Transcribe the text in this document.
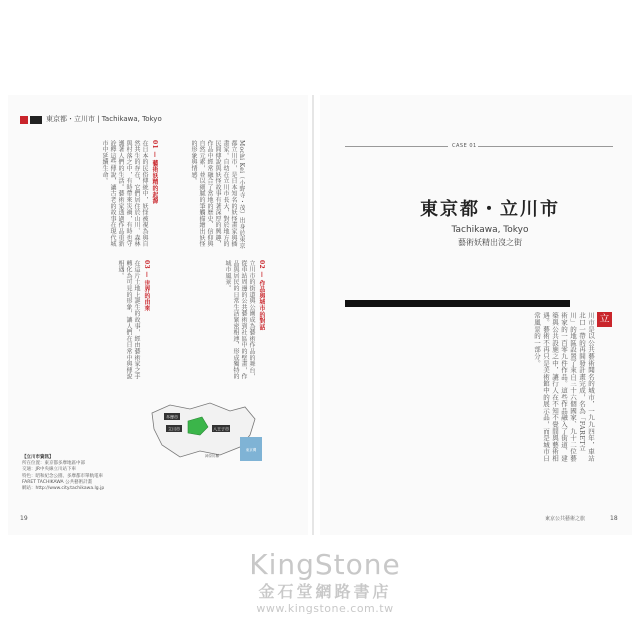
東京都・立川市 | Tachikawa, Tokyo
Mochi Kei（小野寺・茂）出身於東京都立川市，是日本知名的妖怪畫家與插畫家。自幼在立川市長大，對於地方的民間傳說與妖怪故事有著深厚的興趣，作品中經常融合了當地的歷史、信仰與自然元素，並以細膩的筆觸描繪出妖怪的形象與情感。
01 — 藝術妖精的起源
在日本的民俗傳統中，妖怪被視為與自然共生的存在，它們居住於山川、森林與村落之中，有時帶來災禍，有時也守護著人們的生活。藝術家透過作品重新詮釋這些傳說，讓古老的故事在現代城市中延續生命。
02 — 作品與城市的對話
立川市的街道與公園成為藝術作品的舞台，從車站周邊的公共藝術到社區中的壁畫，作品與居民的日常生活緊密相連，形成獨特的城市風景。
03 — 世界的由來
在這片土地上誕生的故事，經由藝術家之手轉化為可見的形象，讓人們在日常中與傳說相遇。
多摩市
立川市	八王子市
東京灣
神奈川縣
【立川市資訊】
所在位置：東京都多摩地區中部
交通：JR中央線立川站下車
特色：昭和紀念公園、多摩都市單軌電車
FARET TACHIKAWA 公共藝術計畫
網站：http://www.city.tachikawa.lg.jp
19
CASE 01
東京都・立川市
Tachikawa, Tokyo
藝術妖精出沒之街
立
川市是以公共藝術聞名的城市，一九九四年，車站北口一帶的再開發計畫完成，名為「FARET立川」的地區設置了來自三十六個國家、九十二位藝術家的一百零九件作品。這些作品融入了街道、建築與公共設施之中，讓行人在不知不覺間與藝術相遇。藝術不再只是美術館中的展示品，而是城市日常風景的一部分。
東京公共藝術之旅	18
KingStone
金石堂網路書店
www.kingstone.com.tw
